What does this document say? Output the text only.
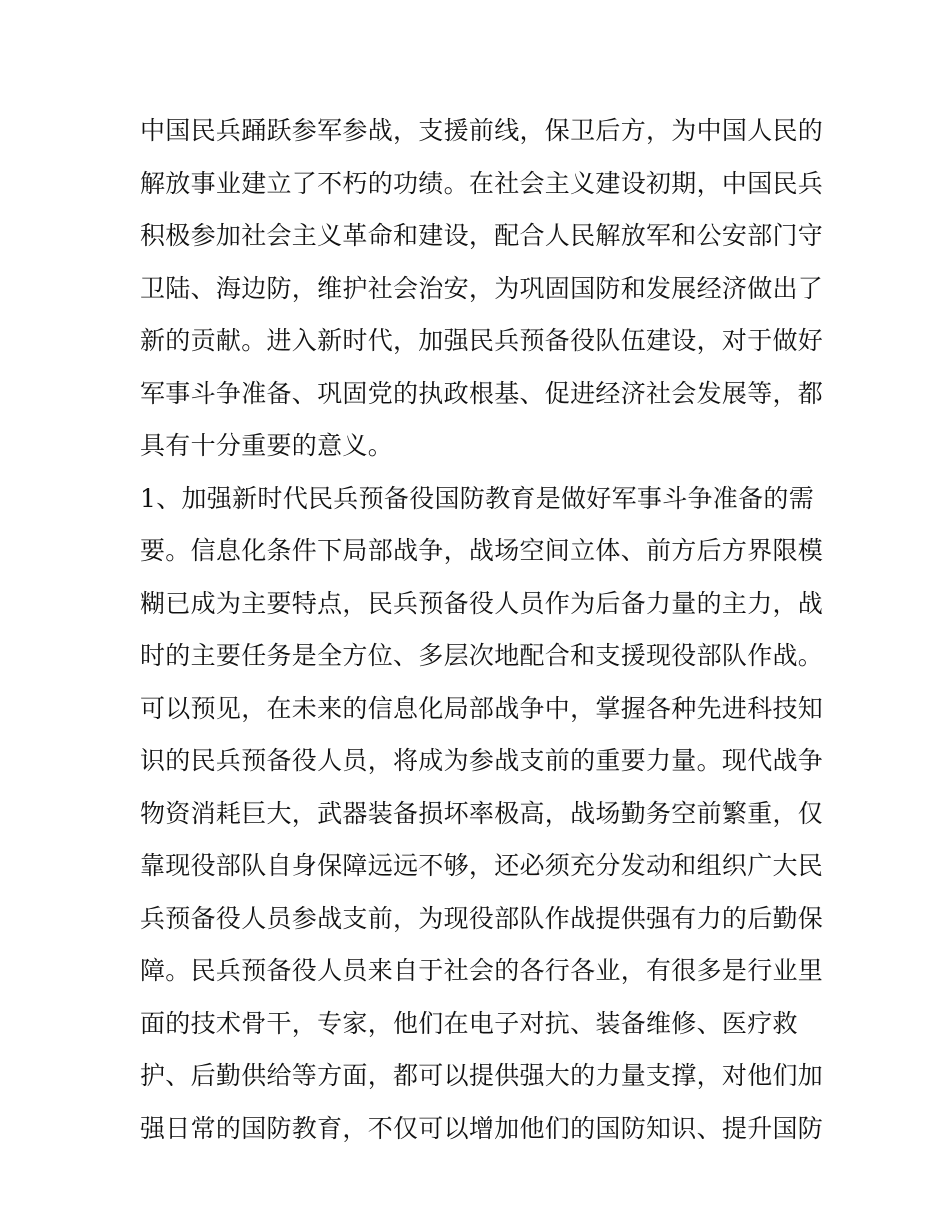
中国民兵踊跃参军参战，支援前线，保卫后方，为中国人民的
解放事业建立了不朽的功绩。在社会主义建设初期，中国民兵
积极参加社会主义革命和建设，配合人民解放军和公安部门守
卫陆、海边防，维护社会治安，为巩固国防和发展经济做出了
新的贡献。进入新时代，加强民兵预备役队伍建设，对于做好
军事斗争准备、巩固党的执政根基、促进经济社会发展等，都
具有十分重要的意义。
1、加强新时代民兵预备役国防教育是做好军事斗争准备的需
要。信息化条件下局部战争，战场空间立体、前方后方界限模
糊已成为主要特点，民兵预备役人员作为后备力量的主力，战
时的主要任务是全方位、多层次地配合和支援现役部队作战。
可以预见，在未来的信息化局部战争中，掌握各种先进科技知
识的民兵预备役人员，将成为参战支前的重要力量。现代战争
物资消耗巨大，武器装备损坏率极高，战场勤务空前繁重，仅
靠现役部队自身保障远远不够，还必须充分发动和组织广大民
兵预备役人员参战支前，为现役部队作战提供强有力的后勤保
障。民兵预备役人员来自于社会的各行各业，有很多是行业里
面的技术骨干，专家，他们在电子对抗、装备维修、医疗救
护、后勤供给等方面，都可以提供强大的力量支撑，对他们加
强日常的国防教育，不仅可以增加他们的国防知识、提升国防
